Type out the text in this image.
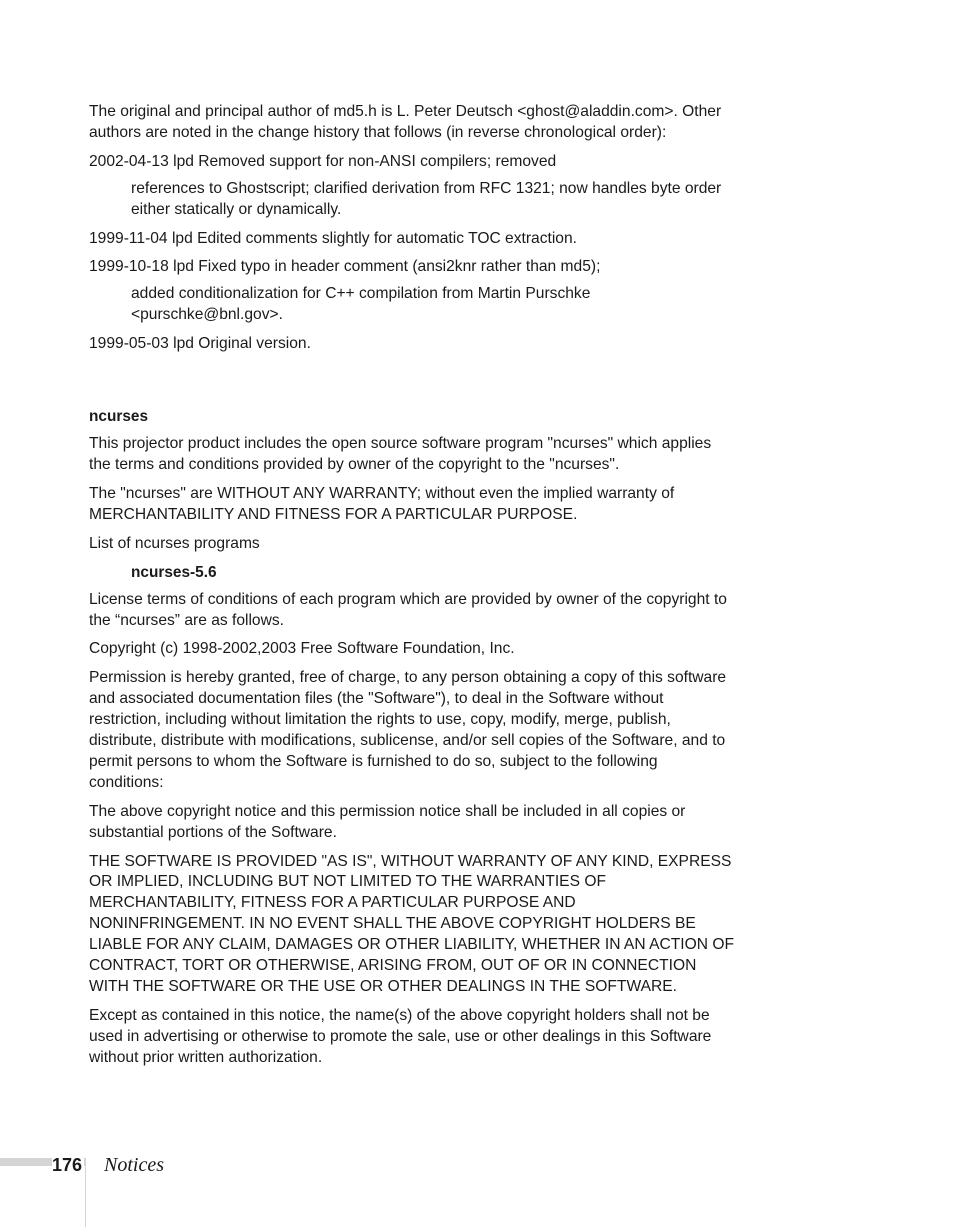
The original and principal author of md5.h is L. Peter Deutsch <ghost@aladdin.com>. Other authors are noted in the change history that follows (in reverse chronological order):

2002-04-13 lpd Removed support for non-ANSI compilers; removed

references to Ghostscript; clarified derivation from RFC 1321; now handles byte order either statically or dynamically.

1999-11-04 lpd Edited comments slightly for automatic TOC extraction.

1999-10-18 lpd Fixed typo in header comment (ansi2knr rather than md5);

added conditionalization for C++ compilation from Martin Purschke <purschke@bnl.gov>.

1999-05-03 lpd Original version.

ncurses

This projector product includes the open source software program "ncurses" which applies the terms and conditions provided by owner of the copyright to the "ncurses".

The "ncurses" are WITHOUT ANY WARRANTY; without even the implied warranty of MERCHANTABILITY AND FITNESS FOR A PARTICULAR PURPOSE.

List of ncurses programs

ncurses-5.6

License terms of conditions of each program which are provided by owner of the copyright to the “ncurses” are as follows.

Copyright (c) 1998-2002,2003 Free Software Foundation, Inc.

Permission is hereby granted, free of charge, to any person obtaining a copy of this software and associated documentation files (the "Software"), to deal in the Software without restriction, including without limitation the rights to use, copy, modify, merge, publish, distribute, distribute with modifications, sublicense, and/or sell copies of the Software, and to permit persons to whom the Software is furnished to do so, subject to the following conditions:

The above copyright notice and this permission notice shall be included in all copies or substantial portions of the Software.

THE SOFTWARE IS PROVIDED "AS IS", WITHOUT WARRANTY OF ANY KIND, EXPRESS OR IMPLIED, INCLUDING BUT NOT LIMITED TO THE WARRANTIES OF MERCHANTABILITY, FITNESS FOR A PARTICULAR PURPOSE AND NONINFRINGEMENT. IN NO EVENT SHALL THE ABOVE COPYRIGHT HOLDERS BE LIABLE FOR ANY CLAIM, DAMAGES OR OTHER LIABILITY, WHETHER IN AN ACTION OF CONTRACT, TORT OR OTHERWISE, ARISING FROM, OUT OF OR IN CONNECTION WITH THE SOFTWARE OR THE USE OR OTHER DEALINGS IN THE SOFTWARE.

Except as contained in this notice, the name(s) of the above copyright holders shall not be used in advertising or otherwise to promote the sale, use or other dealings in this Software without prior written authorization.

176 Notices
